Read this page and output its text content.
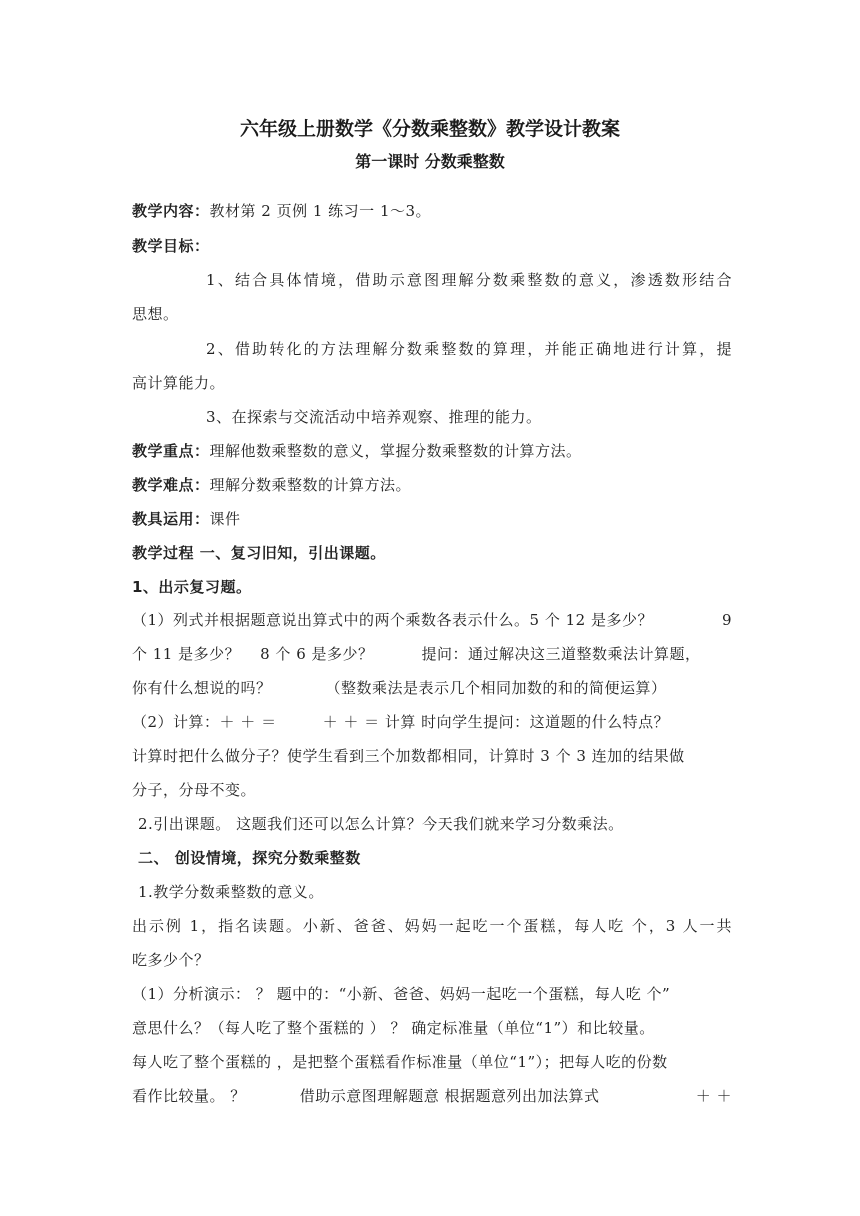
六年级上册数学《分数乘整数》教学设计教案
第一课时 分数乘整数
教学内容：教材第 2 页例 1 练习一 1～3。
教学目标：
1、结合具体情境，借助示意图理解分数乘整数的意义，渗透数形结合
思想。
2、借助转化的方法理解分数乘整数的算理，并能正确地进行计算，提
高计算能力。
3、在探索与交流活动中培养观察、推理的能力。
教学重点：理解他数乘整数的意义，掌握分数乘整数的计算方法。
教学难点：理解分数乘整数的计算方法。
教具运用：课件
教学过程 一、复习旧知，引出课题。
1、出示复习题。
（1）列式并根据题意说出算式中的两个乘数各表示什么。5 个 12 是多少？	9
个 11 是多少？ 8 个 6 是多少？	提问：通过解决这三道整数乘法计算题，
你有什么想说的吗？	（整数乘法是表示几个相同加数的和的简便运算）
（2）计算：＋ ＋ ＝	＋ ＋ ＝ 计算 时向学生提问：这道题的什么特点？
计算时把什么做分子？使学生看到三个加数都相同，计算时 3 个 3 连加的结果做
分子，分母不变。
2.引出课题。 这题我们还可以怎么计算？今天我们就来学习分数乘法。
二、 创设情境，探究分数乘整数
1.教学分数乘整数的意义。
出示例 1，指名读题。小新、爸爸、妈妈一起吃一个蛋糕，每人吃 个，3 人一共
吃多少个？
（1）分析演示： ？ 题中的：“小新、爸爸、妈妈一起吃一个蛋糕，每人吃 个”
意思什么？（每人吃了整个蛋糕的 ） ？ 确定标准量（单位“1”）和比较量。
每人吃了整个蛋糕的 ，是把整个蛋糕看作标准量（单位“1”）；把每人吃的份数
看作比较量。 ？	借助示意图理解题意 根据题意列出加法算式	＋ ＋
